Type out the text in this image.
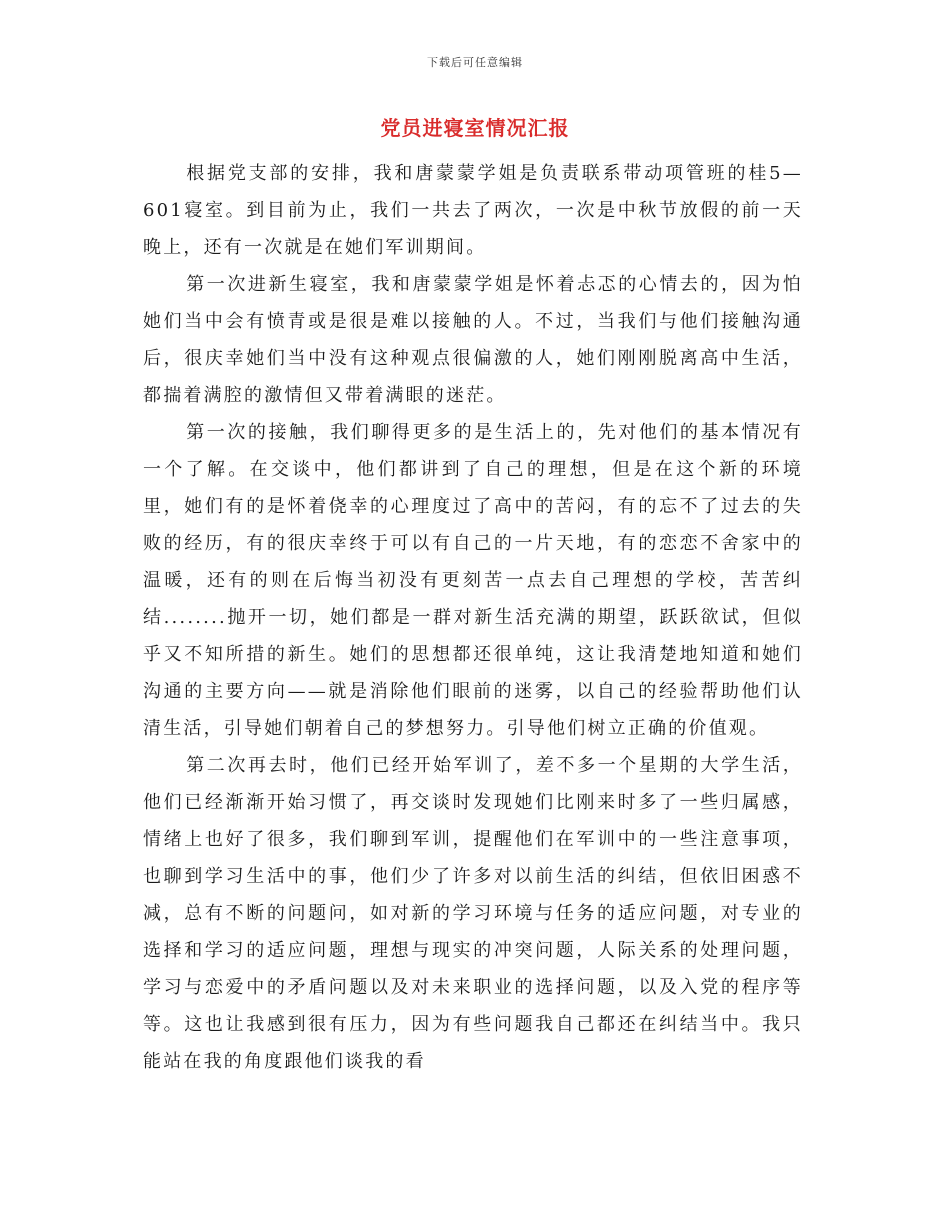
下载后可任意编辑
党员进寝室情况汇报

根据党支部的安排，我和唐蒙蒙学姐是负责联系带动项管班的桂5—601寝室。到目前为止，我们一共去了两次，一次是中秋节放假的前一天晚上，还有一次就是在她们军训期间。

第一次进新生寝室，我和唐蒙蒙学姐是怀着忐忑的心情去的，因为怕她们当中会有愤青或是很是难以接触的人。不过，当我们与他们接触沟通后，很庆幸她们当中没有这种观点很偏激的人，她们刚刚脱离高中生活，都揣着满腔的激情但又带着满眼的迷茫。

第一次的接触，我们聊得更多的是生活上的，先对他们的基本情况有一个了解。在交谈中，他们都讲到了自己的理想，但是在这个新的环境里，她们有的是怀着侥幸的心理度过了高中的苦闷，有的忘不了过去的失败的经历，有的很庆幸终于可以有自己的一片天地，有的恋恋不舍家中的温暖，还有的则在后悔当初没有更刻苦一点去自己理想的学校，苦苦纠结........抛开一切，她们都是一群对新生活充满的期望，跃跃欲试，但似乎又不知所措的新生。她们的思想都还很单纯，这让我清楚地知道和她们沟通的主要方向——就是消除他们眼前的迷雾，以自己的经验帮助他们认清生活，引导她们朝着自己的梦想努力。引导他们树立正确的价值观。

第二次再去时，他们已经开始军训了，差不多一个星期的大学生活，他们已经渐渐开始习惯了，再交谈时发现她们比刚来时多了一些归属感，情绪上也好了很多，我们聊到军训，提醒他们在军训中的一些注意事项，也聊到学习生活中的事，他们少了许多对以前生活的纠结，但依旧困惑不减，总有不断的问题问，如对新的学习环境与任务的适应问题，对专业的选择和学习的适应问题，理想与现实的冲突问题，人际关系的处理问题，学习与恋爱中的矛盾问题以及对未来职业的选择问题，以及入党的程序等等。这也让我感到很有压力，因为有些问题我自己都还在纠结当中。我只能站在我的角度跟他们谈我的看
